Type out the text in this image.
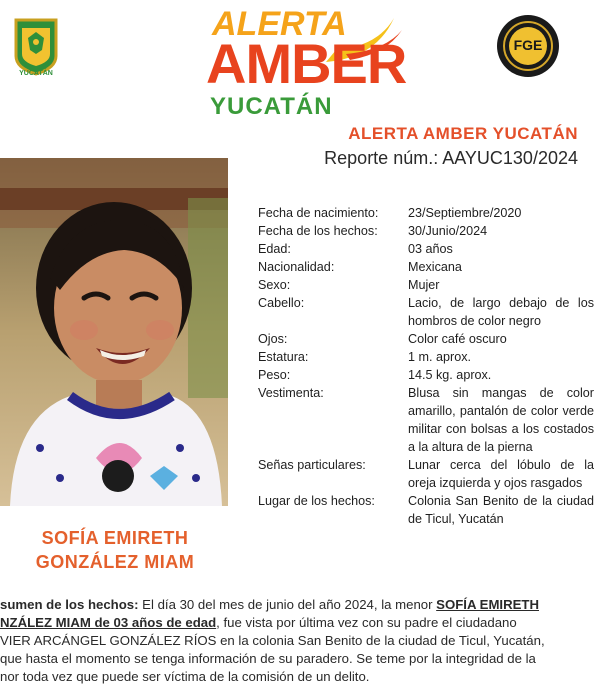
YUCATÁN
ALERTA
AMBER
YUCATÁN
FGE
ALERTA AMBER YUCATÁN
Reporte núm.: AAYUC130/2024
SOFÍA EMIRETH
GONZÁLEZ MIAM
Fecha de nacimiento:	23/Septiembre/2020
Fecha de los hechos:	30/Junio/2024
Edad:	03 años
Nacionalidad:	Mexicana
Sexo:	Mujer
Cabello:	Lacio, de largo debajo de los hombros de color negro
Ojos:	Color café oscuro
Estatura:	1 m. aprox.
Peso:	14.5 kg. aprox.
Vestimenta:	Blusa sin mangas de color amarillo, pantalón de color verde militar con bolsas a los costados a la altura de la pierna
Señas particulares:	Lunar cerca del lóbulo de la oreja izquierda y ojos rasgados
Lugar de los hechos:	Colonia San Benito de la ciudad de Ticul, Yucatán
sumen de los hechos: El día 30 del mes de junio del año 2024, la menor SOFÍA EMIRETH
NZÁLEZ MIAM de 03 años de edad, fue vista por última vez con su padre el ciudadano
VIER ARCÁNGEL GONZÁLEZ RÍOS en la colonia San Benito de la ciudad de Ticul, Yucatán,
que hasta el momento se tenga información de su paradero. Se teme por la integridad de la
nor toda vez que puede ser víctima de la comisión de un delito.
